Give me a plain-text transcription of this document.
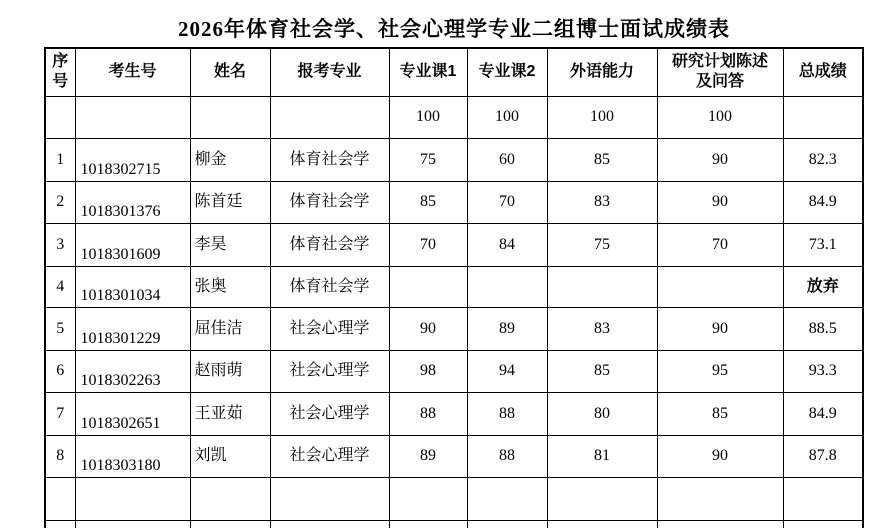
2026年体育社会学、社会心理学专业二组博士面试成绩表
序号	考生号	姓名	报考专业	专业课1	专业课2	外语能力	研究计划陈述及问答	总成绩
				100	100	100	100	
1	1018302715	柳金	体育社会学	75	60	85	90	82.3
2	1018301376	陈首廷	体育社会学	85	70	83	90	84.9
3	1018301609	李昊	体育社会学	70	84	75	70	73.1
4	1018301034	张奥	体育社会学					放弃
5	1018301229	屈佳洁	社会心理学	90	89	83	90	88.5
6	1018302263	赵雨萌	社会心理学	98	94	85	95	93.3
7	1018302651	王亚茹	社会心理学	88	88	80	85	84.9
8	1018303180	刘凯	社会心理学	89	88	81	90	87.8
